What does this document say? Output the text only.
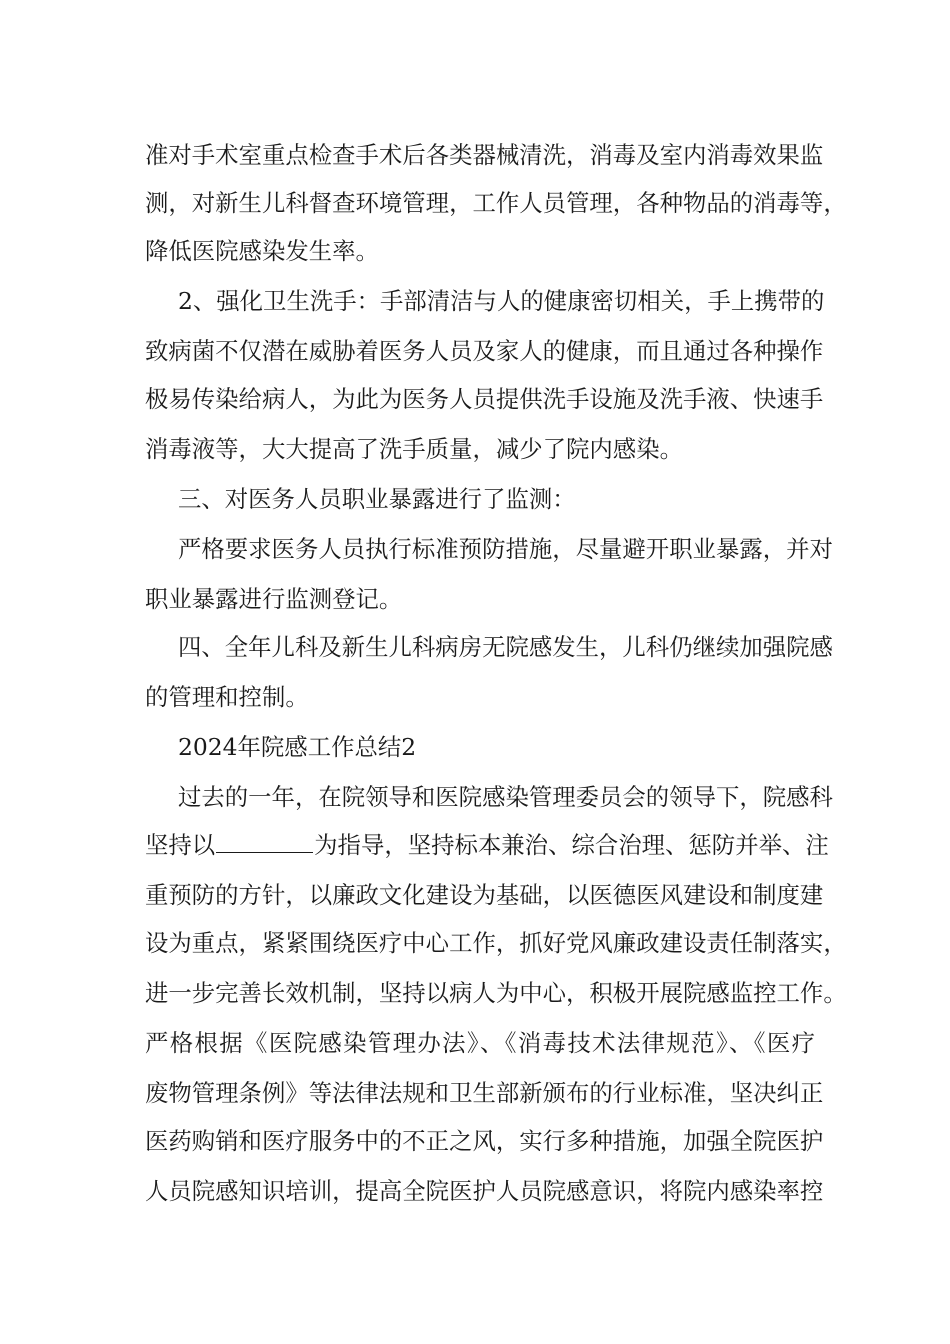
准对手术室重点检查手术后各类器械清洗，消毒及室内消毒效果监
测，对新生儿科督查环境管理，工作人员管理，各种物品的消毒等，
降低医院感染发生率。
2、强化卫生洗手：手部清洁与人的健康密切相关，手上携带的
致病菌不仅潜在威胁着医务人员及家人的健康，而且通过各种操作
极易传染给病人，为此为医务人员提供洗手设施及洗手液、快速手
消毒液等，大大提高了洗手质量，减少了院内感染。
三、对医务人员职业暴露进行了监测：
严格要求医务人员执行标准预防措施，尽量避开职业暴露，并对
职业暴露进行监测登记。
四、全年儿科及新生儿科病房无院感发生，儿科仍继续加强院感
的管理和控制。
2024年院感工作总结2
过去的一年，在院领导和医院感染管理委员会的领导下，院感科
坚持以	为指导，坚持标本兼治、综合治理、惩防并举、注
重预防的方针，以廉政文化建设为基础，以医德医风建设和制度建
设为重点，紧紧围绕医疗中心工作，抓好党风廉政建设责任制落实，
进一步完善长效机制，坚持以病人为中心，积极开展院感监控工作。
严格根据《医院感染管理办法》、《消毒技术法律规范》、《医疗
废物管理条例》等法律法规和卫生部新颁布的行业标准，坚决纠正
医药购销和医疗服务中的不正之风，实行多种措施，加强全院医护
人员院感知识培训，提高全院医护人员院感意识，将院内感染率控
